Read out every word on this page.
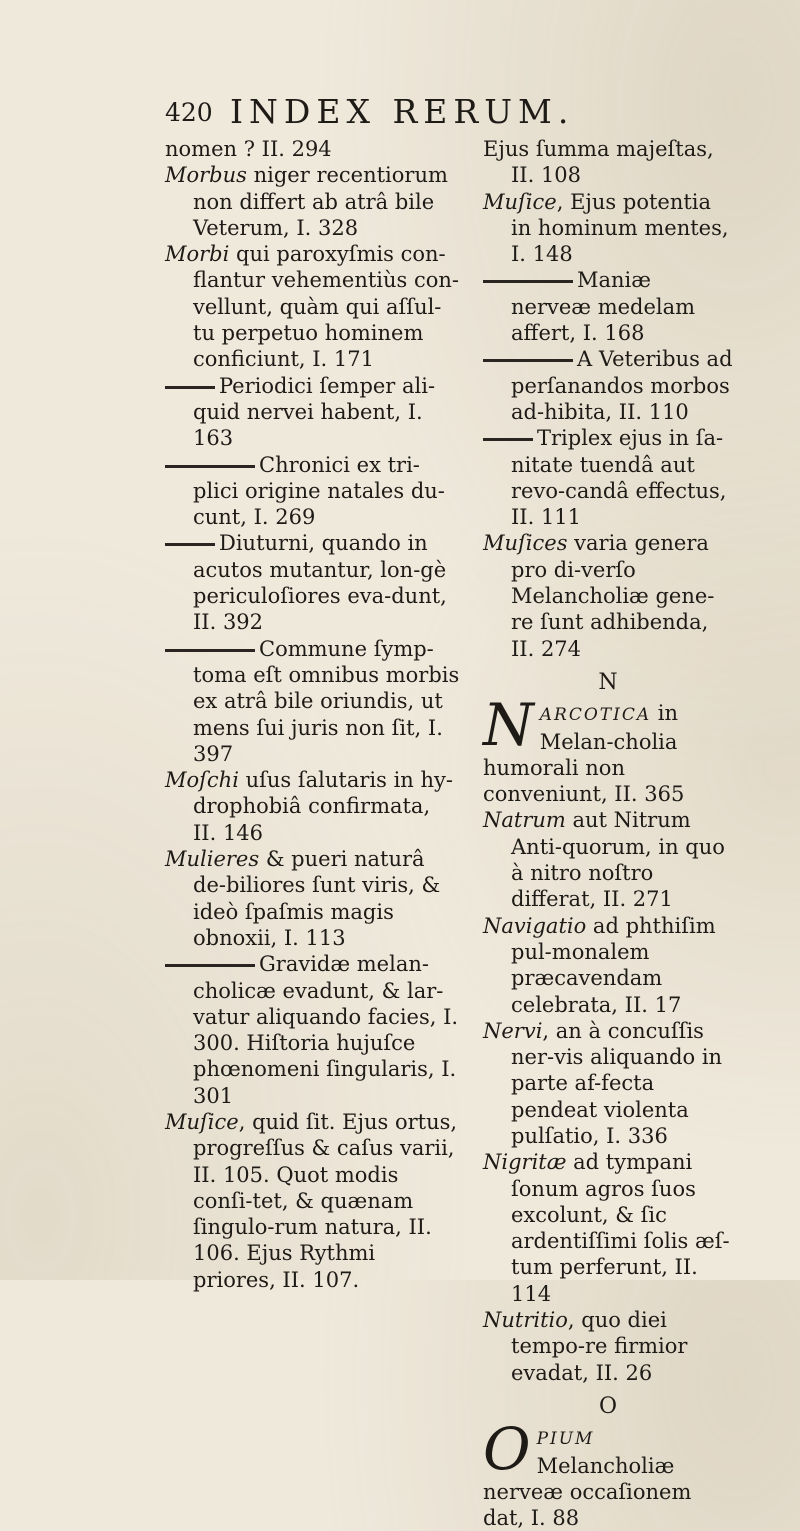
420 INDEX RERUM.

nomen ? II. 294

Morbus niger recentiorum non differt ab atrâ bile Veterum, I. 328

Morbi qui paroxyſmis con-flantur vehementiùs con-vellunt, quàm qui aſſul-tu perpetuo hominem conficiunt, I. 171

Periodici ſemper ali-quid nervei habent, I. 163

Chronici ex tri-plici origine natales du-cunt, I. 269

Diuturni, quando in acutos mutantur, lon-gè periculoſiores eva-dunt, II. 392

Commune ſymp-toma eſt omnibus morbis ex atrâ bile oriundis, ut mens ſui juris non ſit, I. 397

Moſchi uſus ſalutaris in hy-drophobiâ confirmata, II. 146

Mulieres & pueri naturâ de-biliores ſunt viris, & ideò ſpaſmis magis obnoxii, I. 113

Gravidæ melan-cholicæ evadunt, & lar-vatur aliquando facies, I. 300. Hiſtoria hujuſce phœnomeni ſingularis, I. 301

Muſice, quid ſit. Ejus ortus, progreſſus & caſus varii, II. 105. Quot modis conſi-tet, & quænam ſingulo-rum natura, II. 106. Ejus Rythmi priores, II. 107.

Ejus ſumma majeſtas, II. 108

Muſice, Ejus potentia in hominum mentes, I. 148

Maniæ nerveæ medelam affert, I. 168

A Veteribus ad perſanandos morbos ad-hibita, II. 110

Triplex ejus in ſa-nitate tuendâ aut revo-candâ effectus, II. 111

Muſices varia genera pro di-verſo Melancholiæ gene-re ſunt adhibenda, II. 274

N

NARCOTICA in Melan-cholia humorali non conveniunt, II. 365

Natrum aut Nitrum Anti-quorum, in quo à nitro noſtro differat, II. 271

Navigatio ad phthiſim pul-monalem præcavendam celebrata, II. 17

Nervi, an à concuſſis ner-vis aliquando in parte af-fecta pendeat violenta pulſatio, I. 336

Nigritæ ad tympani ſonum agros ſuos excolunt, & ſic ardentiſſimi ſolis æſ-tum perferunt, II. 114

Nutritio, quo diei tempo-re firmior evadat, II. 26

O

OPIUM Melancholiæ nerveæ occaſionem dat, I. 88
